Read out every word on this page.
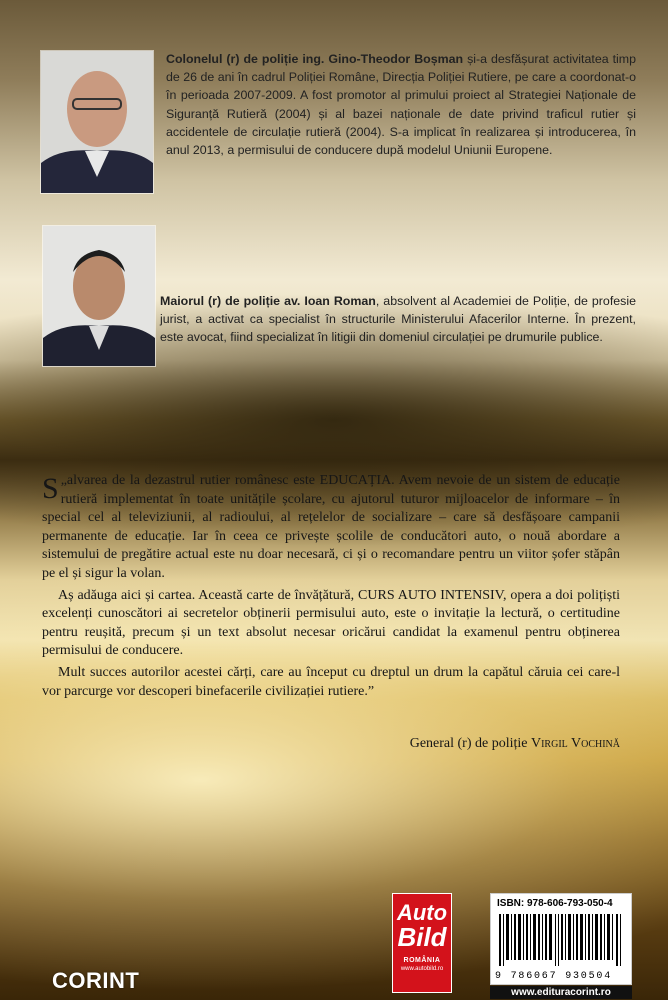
Colonelul (r) de poliție ing. Gino-Theodor Boșman și-a desfășurat activitatea timp de 26 de ani în cadrul Poliției Române, Direcția Poliției Rutiere, pe care a coordonat-o în perioada 2007-2009. A fost promotor al primului proiect al Strategiei Naționale de Siguranță Rutieră (2004) și al bazei naționale de date privind traficul rutier și accidentele de circulație rutieră (2004). S-a implicat în realizarea și introducerea, în anul 2013, a permisului de conducere după modelul Uniunii Europene.
Maiorul (r) de poliție av. Ioan Roman, absolvent al Academiei de Poliție, de profesie jurist, a activat ca specialist în structurile Ministerului Afacerilor Interne. În prezent, este avocat, fiind specializat în litigii din domeniul circulației pe drumurile publice.

„
S alvarea de la dezastrul rutier românesc este EDUCAȚIA. Avem nevoie de un sistem de educație rutieră implementat în toate unitățile școlare, cu ajutorul tuturor mijloacelor de informare – în special cel al televiziunii, al radioului, al rețelelor de socializare – care să desfășoare campanii permanente de educație. Iar în ceea ce privește școlile de conducători auto, o nouă abordare a sistemului de pregătire actual este nu doar necesară, ci și o recomandare pentru un viitor șofer stăpân pe el și sigur la volan.

Aș adăuga aici și cartea. Această carte de învățătură, CURS AUTO INTENSIV, opera a doi polițiști excelenți cunoscători ai secretelor obținerii permisului auto, este o invitație la lectură, o certitudine pentru reușită, precum și un text absolut necesar oricărui candidat la examenul pentru obținerea permisului de conducere.

Mult succes autorilor acestei cărți, care au început cu dreptul un drum la capătul căruia cei care-l vor parcurge vor descoperi binefacerile civilizației rutiere.”

General (r) de poliție Virgil Vochină
CORINT
Auto
Bild
ROMÂNIA
www.autobild.ro
ISBN: 978-606-793-050-4
9 786067 930504
www.edituracorint.ro
